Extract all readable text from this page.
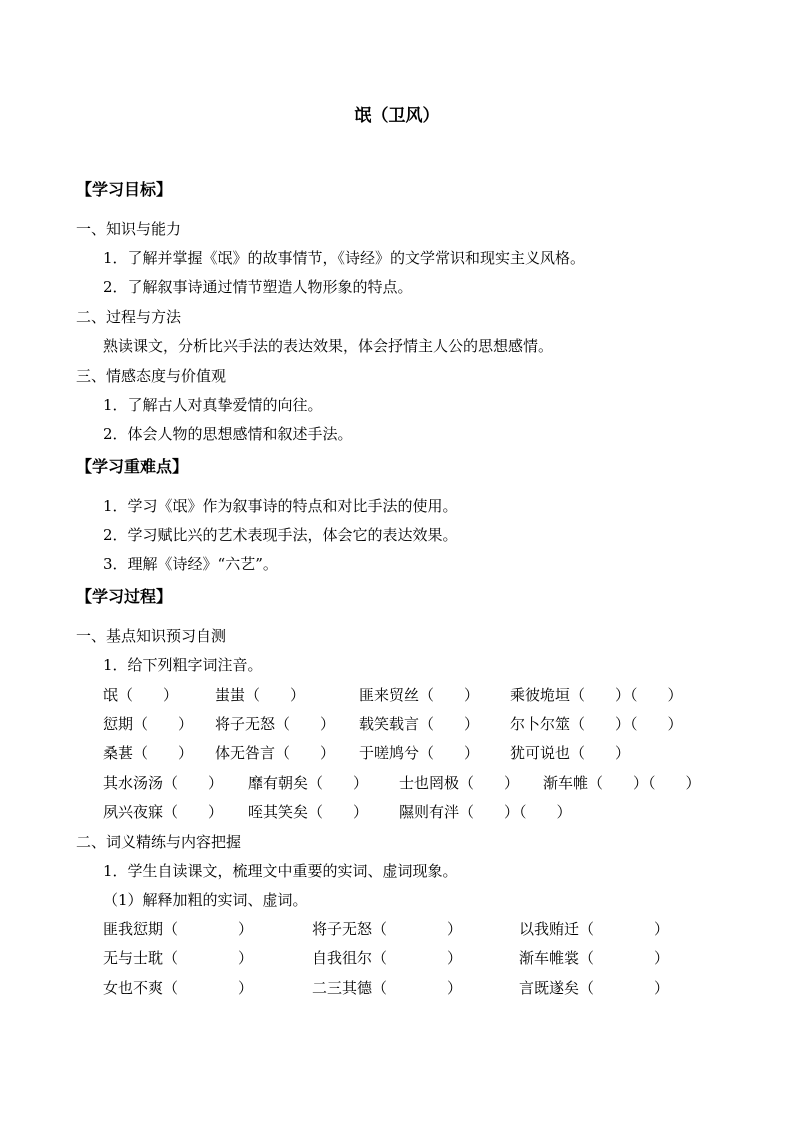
氓（卫风）
【学习目标】
一、知识与能力
1．了解并掌握《氓》的故事情节，《诗经》的文学常识和现实主义风格。
2．了解叙事诗通过情节塑造人物形象的特点。
二、过程与方法
熟读课文，分析比兴手法的表达效果，体会抒情主人公的思想感情。
三、情感态度与价值观
1．了解古人对真挚爱情的向往。
2．体会人物的思想感情和叙述手法。
【学习重难点】
1．学习《氓》作为叙事诗的特点和对比手法的使用。
2．学习赋比兴的艺术表现手法，体会它的表达效果。
3．理解《诗经》“六艺”。
【学习过程】
一、基点知识预习自测
1．给下列粗字词注音。
氓（　　） 蚩蚩（　　）	匪来贸丝（　　） 乘彼垝垣（　　）（　　）
愆期（　　） 将子无怒（　　） 载笑载言（　　） 尔卜尔筮（　　）（　　）
桑葚（　　） 体无咎言（　　） 于嗟鸠兮（　　） 犹可说也（　　）
其水汤汤（　　） 靡有朝矣（　　） 士也罔极（　　） 渐车帷（　　）（　　）
夙兴夜寐（　　） 咥其笑矣（　　） 隰则有泮（　　）（　　）
二、词义精练与内容把握
1．学生自读课文，梳理文中重要的实词、虚词现象。
（1）解释加粗的实词、虚词。
匪我愆期（　　　　）	将子无怒（　　　　）	以我贿迁（　　　　）
无与士耽（　　　　）	自我徂尔（　　　　）	渐车帷裳（　　　　）
女也不爽（　　　　）	二三其德（　　　　）	言既遂矣（　　　　）
